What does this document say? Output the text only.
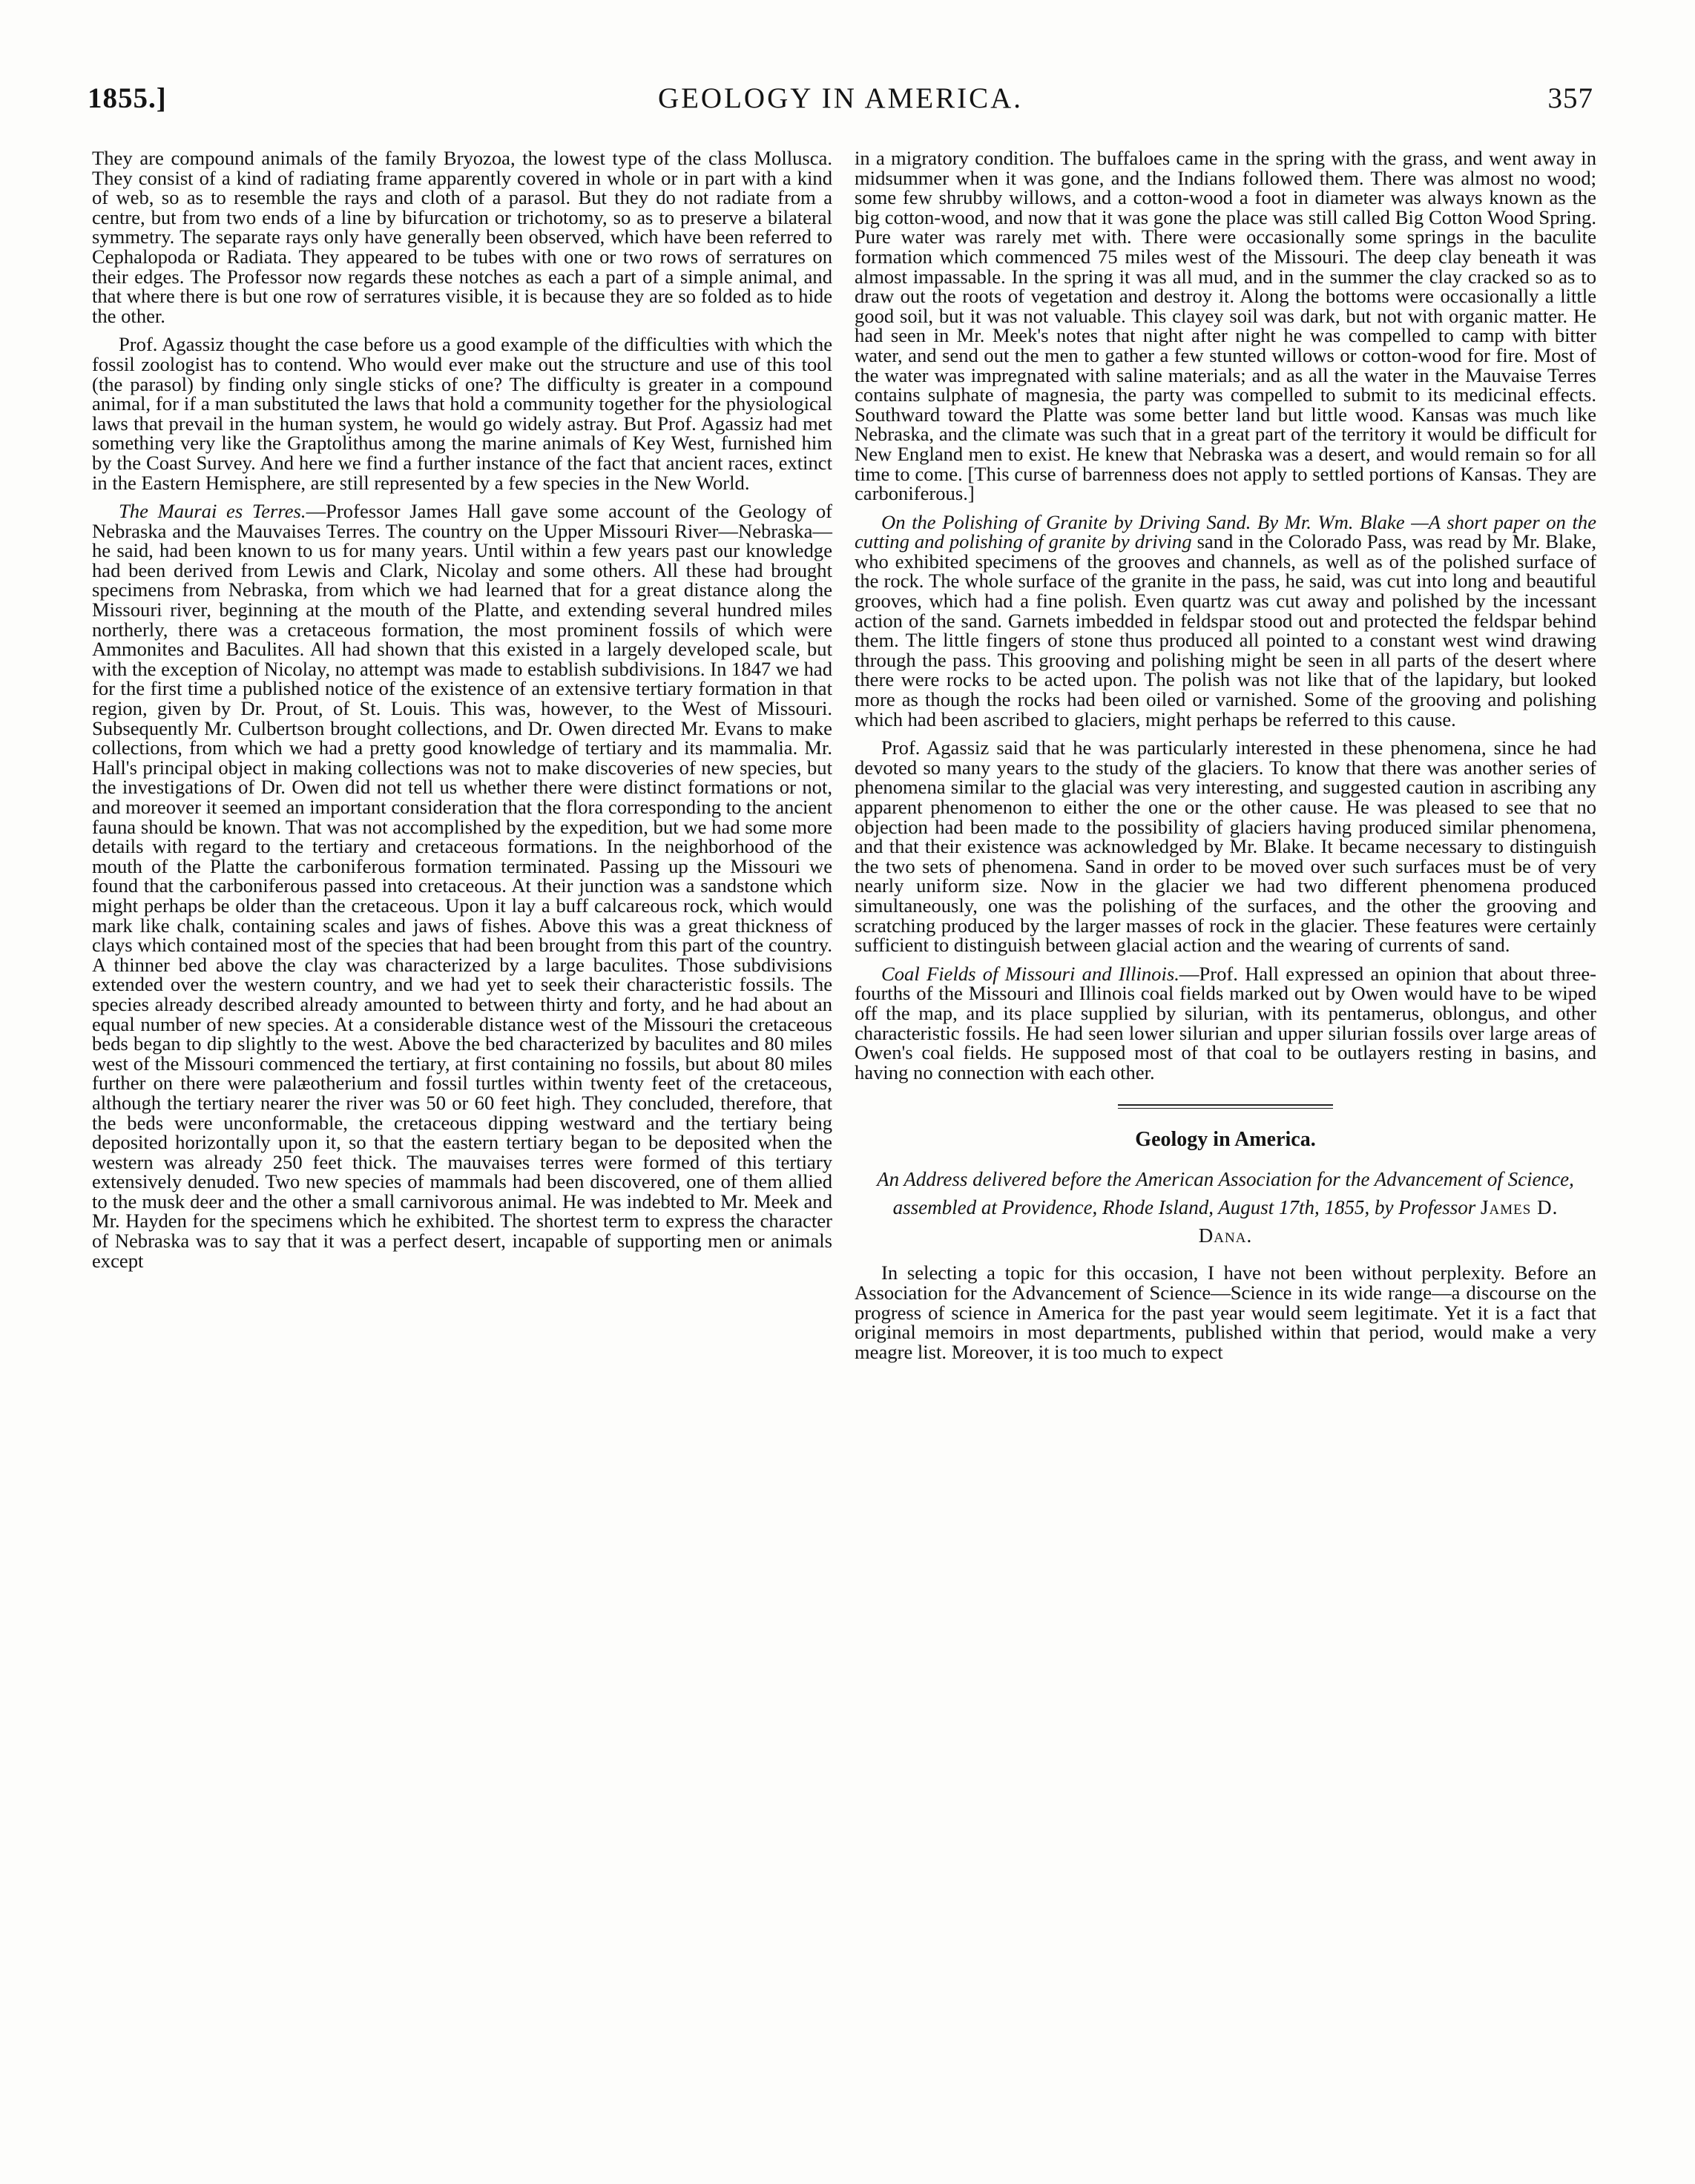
1855.]	GEOLOGY IN AMERICA.	357

They are compound animals of the family Bryozoa, the lowest type of the class Mollusca. They consist of a kind of radiating frame apparently covered in whole or in part with a kind of web, so as to resemble the rays and cloth of a parasol. But they do not radiate from a centre, but from two ends of a line by bifurcation or trichotomy, so as to preserve a bilateral symmetry. The separate rays only have generally been observed, which have been referred to Cephalopoda or Radiata. They appeared to be tubes with one or two rows of serratures on their edges. The Professor now regards these notches as each a part of a simple animal, and that where there is but one row of serratures visible, it is because they are so folded as to hide the other.

Prof. Agassiz thought the case before us a good example of the difficulties with which the fossil zoologist has to contend. Who would ever make out the structure and use of this tool (the parasol) by finding only single sticks of one? The difficulty is greater in a compound animal, for if a man substituted the laws that hold a community together for the physiological laws that prevail in the human system, he would go widely astray. But Prof. Agassiz had met something very like the Graptolithus among the marine animals of Key West, furnished him by the Coast Survey. And here we find a further instance of the fact that ancient races, extinct in the Eastern Hemisphere, are still represented by a few species in the New World.

The Maurai es Terres.—Professor James Hall gave some account of the Geology of Nebraska and the Mauvaises Terres. The country on the Upper Missouri River—Nebraska—he said, had been known to us for many years. Until within a few years past our knowledge had been derived from Lewis and Clark, Nicolay and some others. All these had brought specimens from Nebraska, from which we had learned that for a great distance along the Missouri river, beginning at the mouth of the Platte, and extending several hundred miles northerly, there was a cretaceous formation, the most prominent fossils of which were Ammonites and Baculites. All had shown that this existed in a largely developed scale, but with the exception of Nicolay, no attempt was made to establish subdivisions. In 1847 we had for the first time a published notice of the existence of an extensive tertiary formation in that region, given by Dr. Prout, of St. Louis. This was, however, to the West of Missouri. Subsequently Mr. Culbertson brought collections, and Dr. Owen directed Mr. Evans to make collections, from which we had a pretty good knowledge of tertiary and its mammalia. Mr. Hall's principal object in making collections was not to make discoveries of new species, but the investigations of Dr. Owen did not tell us whether there were distinct formations or not, and moreover it seemed an important consideration that the flora corresponding to the ancient fauna should be known. That was not accomplished by the expedition, but we had some more details with regard to the tertiary and cretaceous formations. In the neighborhood of the mouth of the Platte the carboniferous formation terminated. Passing up the Missouri we found that the carboniferous passed into cretaceous. At their junction was a sandstone which might perhaps be older than the cretaceous. Upon it lay a buff calcareous rock, which would mark like chalk, containing scales and jaws of fishes. Above this was a great thickness of clays which contained most of the species that had been brought from this part of the country. A thinner bed above the clay was characterized by a large baculites. Those subdivisions extended over the western country, and we had yet to seek their characteristic fossils. The species already described already amounted to between thirty and forty, and he had about an equal number of new species. At a considerable distance west of the Missouri the cretaceous beds began to dip slightly to the west. Above the bed characterized by baculites and 80 miles west of the Missouri commenced the tertiary, at first containing no fossils, but about 80 miles further on there were palæotherium and fossil turtles within twenty feet of the cretaceous, although the tertiary nearer the river was 50 or 60 feet high. They concluded, therefore, that the beds were unconformable, the cretaceous dipping westward and the tertiary being deposited horizontally upon it, so that the eastern tertiary began to be deposited when the western was already 250 feet thick. The mauvaises terres were formed of this tertiary extensively denuded. Two new species of mammals had been discovered, one of them allied to the musk deer and the other a small carnivorous animal. He was indebted to Mr. Meek and Mr. Hayden for the specimens which he exhibited. The shortest term to express the character of Nebraska was to say that it was a perfect desert, incapable of supporting men or animals except

in a migratory condition. The buffaloes came in the spring with the grass, and went away in midsummer when it was gone, and the Indians followed them. There was almost no wood; some few shrubby willows, and a cotton-wood a foot in diameter was always known as the big cotton-wood, and now that it was gone the place was still called Big Cotton Wood Spring. Pure water was rarely met with. There were occasionally some springs in the baculite formation which commenced 75 miles west of the Missouri. The deep clay beneath it was almost impassable. In the spring it was all mud, and in the summer the clay cracked so as to draw out the roots of vegetation and destroy it. Along the bottoms were occasionally a little good soil, but it was not valuable. This clayey soil was dark, but not with organic matter. He had seen in Mr. Meek's notes that night after night he was compelled to camp with bitter water, and send out the men to gather a few stunted willows or cotton-wood for fire. Most of the water was impregnated with saline materials; and as all the water in the Mauvaise Terres contains sulphate of magnesia, the party was compelled to submit to its medicinal effects. Southward toward the Platte was some better land but little wood. Kansas was much like Nebraska, and the climate was such that in a great part of the territory it would be difficult for New England men to exist. He knew that Nebraska was a desert, and would remain so for all time to come. [This curse of barrenness does not apply to settled portions of Kansas. They are carboniferous.]

On the Polishing of Granite by Driving Sand. By Mr. Wm. Blake —A short paper on the cutting and polishing of granite by driving sand in the Colorado Pass, was read by Mr. Blake, who exhibited specimens of the grooves and channels, as well as of the polished surface of the rock. The whole surface of the granite in the pass, he said, was cut into long and beautiful grooves, which had a fine polish. Even quartz was cut away and polished by the incessant action of the sand. Garnets imbedded in feldspar stood out and protected the feldspar behind them. The little fingers of stone thus produced all pointed to a constant west wind drawing through the pass. This grooving and polishing might be seen in all parts of the desert where there were rocks to be acted upon. The polish was not like that of the lapidary, but looked more as though the rocks had been oiled or varnished. Some of the grooving and polishing which had been ascribed to glaciers, might perhaps be referred to this cause.

Prof. Agassiz said that he was particularly interested in these phenomena, since he had devoted so many years to the study of the glaciers. To know that there was another series of phenomena similar to the glacial was very interesting, and suggested caution in ascribing any apparent phenomenon to either the one or the other cause. He was pleased to see that no objection had been made to the possibility of glaciers having produced similar phenomena, and that their existence was acknowledged by Mr. Blake. It became necessary to distinguish the two sets of phenomena. Sand in order to be moved over such surfaces must be of very nearly uniform size. Now in the glacier we had two different phenomena produced simultaneously, one was the polishing of the surfaces, and the other the grooving and scratching produced by the larger masses of rock in the glacier. These features were certainly sufficient to distinguish between glacial action and the wearing of currents of sand.

Coal Fields of Missouri and Illinois.—Prof. Hall expressed an opinion that about three-fourths of the Missouri and Illinois coal fields marked out by Owen would have to be wiped off the map, and its place supplied by silurian, with its pentamerus, oblongus, and other characteristic fossils. He had seen lower silurian and upper silurian fossils over large areas of Owen's coal fields. He supposed most of that coal to be outlayers resting in basins, and having no connection with each other.

Geology in America.

An Address delivered before the American Association for the Advancement of Science, assembled at Providence, Rhode Island, August 17th, 1855, by Professor James D. Dana.

In selecting a topic for this occasion, I have not been without perplexity. Before an Association for the Advancement of Science—Science in its wide range—a discourse on the progress of science in America for the past year would seem legitimate. Yet it is a fact that original memoirs in most departments, published within that period, would make a very meagre list. Moreover, it is too much to expect
